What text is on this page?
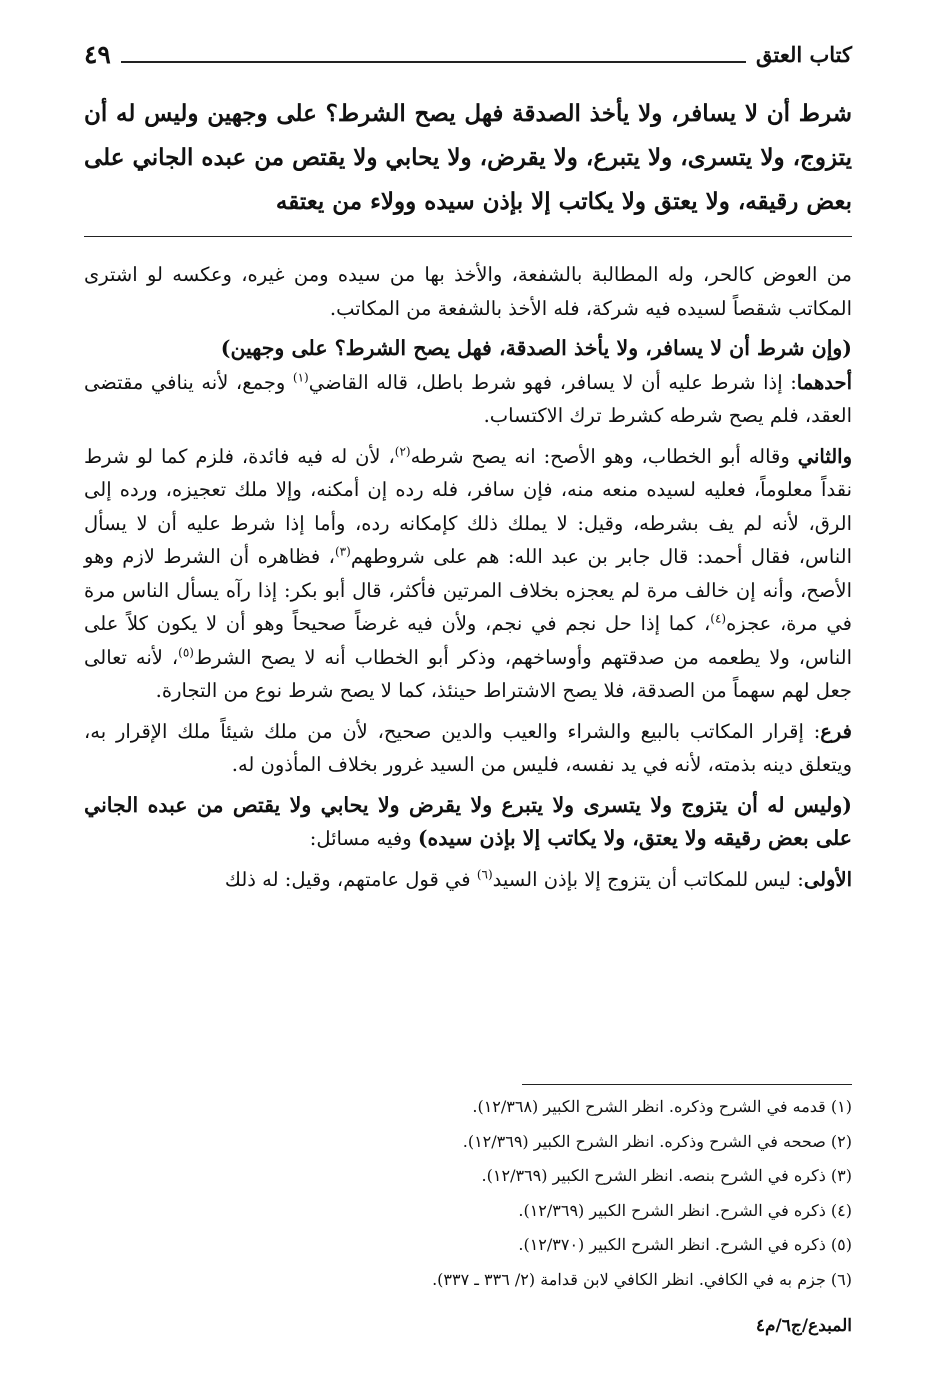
كتاب العتق
٤٩
شرط أن لا يسافر، ولا يأخذ الصدقة فهل يصح الشرط؟ على وجهين وليس له أن يتزوج، ولا يتسرى، ولا يتبرع، ولا يقرض، ولا يحابي ولا يقتص من عبده الجاني على بعض رقيقه، ولا يعتق ولا يكاتب إلا بإذن سيده وولاء من يعتقه

من العوض كالحر، وله المطالبة بالشفعة، والأخذ بها من سيده ومن غيره، وعكسه لو اشترى المكاتب شقصاً لسيده فيه شركة، فله الأخذ بالشفعة من المكاتب.

(وإن شرط أن لا يسافر، ولا يأخذ الصدقة، فهل يصح الشرط؟ على وجهين)
أحدهما: إذا شرط عليه أن لا يسافر، فهو شرط باطل، قاله القاضي$^{(١)}$ وجمع، لأنه ينافي مقتضى العقد، فلم يصح شرطه كشرط ترك الاكتساب.

والثاني وقاله أبو الخطاب، وهو الأصح: انه يصح شرطه$^{(٢)}$، لأن له فيه فائدة، فلزم كما لو شرط نقداً معلوماً، فعليه لسيده منعه منه، فإن سافر، فله رده إن أمكنه، وإلا ملك تعجيزه، ورده إلى الرق، لأنه لم يف بشرطه، وقيل: لا يملك ذلك كإمكانه رده، وأما إذا شرط عليه أن لا يسأل الناس، فقال أحمد: قال جابر بن عبد الله: هم على شروطهم$^{(٣)}$، فظاهره أن الشرط لازم وهو الأصح، وأنه إن خالف مرة لم يعجزه بخلاف المرتين فأكثر، قال أبو بكر: إذا رآه يسأل الناس مرة في مرة، عجزه$^{(٤)}$، كما إذا حل نجم في نجم، ولأن فيه غرضاً صحيحاً وهو أن لا يكون كلاً على الناس، ولا يطعمه من صدقتهم وأوساخهم، وذكر أبو الخطاب أنه لا يصح الشرط$^{(٥)}$، لأنه تعالى جعل لهم سهماً من الصدقة، فلا يصح الاشتراط حينئذ، كما لا يصح شرط نوع من التجارة.

فرع: إقرار المكاتب بالبيع والشراء والعيب والدين صحيح، لأن من ملك شيئاً ملك الإقرار به، ويتعلق دينه بذمته، لأنه في يد نفسه، فليس من السيد غرور بخلاف المأذون له.

(وليس له أن يتزوج ولا يتسرى ولا يتبرع ولا يقرض ولا يحابي ولا يقتص من عبده الجاني على بعض رقيقه ولا يعتق، ولا يكاتب إلا بإذن سيده) وفيه مسائل:

الأولى: ليس للمكاتب أن يتزوج إلا بإذن السيد$^{(٦)}$ في قول عامتهم، وقيل: له ذلك

(١) قدمه في الشرح وذكره. انظر الشرح الكبير (١٢/٣٦٨).

(٢) صححه في الشرح وذكره. انظر الشرح الكبير (١٢/٣٦٩).

(٣) ذكره في الشرح بنصه. انظر الشرح الكبير (١٢/٣٦٩).

(٤) ذكره في الشرح. انظر الشرح الكبير (١٢/٣٦٩).

(٥) ذكره في الشرح. انظر الشرح الكبير (١٢/٣٧٠).

(٦) جزم به في الكافي. انظر الكافي لابن قدامة (٢/ ٣٣٦ ـ ٣٣٧).

المبدع/ج٦/م٤
